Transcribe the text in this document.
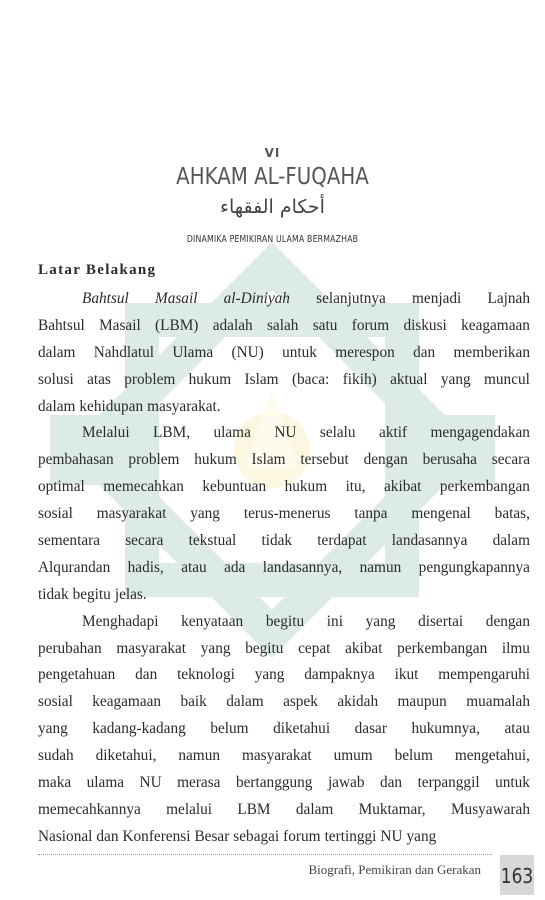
VI
AHKAM AL-FUQAHA
أحكام الفقهاء
DINAMIKA PEMIKIRAN ULAMA BERMAZHAB
Latar Belakang
Bahtsul Masail al-Diniyah selanjutnya menjadi Lajnah
Bahtsul Masail (LBM) adalah salah satu forum diskusi keagamaan
dalam Nahdlatul Ulama (NU) untuk merespon dan memberikan
solusi atas problem hukum Islam (baca: fikih) aktual yang muncul
dalam kehidupan masyarakat.
Melalui LBM, ulama NU selalu aktif mengagendakan
pembahasan problem hukum Islam tersebut dengan berusaha secara
optimal memecahkan kebuntuan hukum itu, akibat perkembangan
sosial masyarakat yang terus-menerus tanpa mengenal batas,
sementara secara tekstual tidak terdapat landasannya dalam
Alqurandan hadis, atau ada landasannya, namun pengungkapannya
tidak begitu jelas.
Menghadapi kenyataan begitu ini yang disertai dengan
perubahan masyarakat yang begitu cepat akibat perkembangan ilmu
pengetahuan dan teknologi yang dampaknya ikut mempengaruhi
sosial keagamaan baik dalam aspek akidah maupun muamalah
yang kadang-kadang belum diketahui dasar hukumnya, atau
sudah diketahui, namun masyarakat umum belum mengetahui,
maka ulama NU merasa bertanggung jawab dan terpanggil untuk
memecahkannya melalui LBM dalam Muktamar, Musyawarah
Nasional dan Konferensi Besar sebagai forum tertinggi NU yang
Biografi, Pemikiran dan Gerakan 163
